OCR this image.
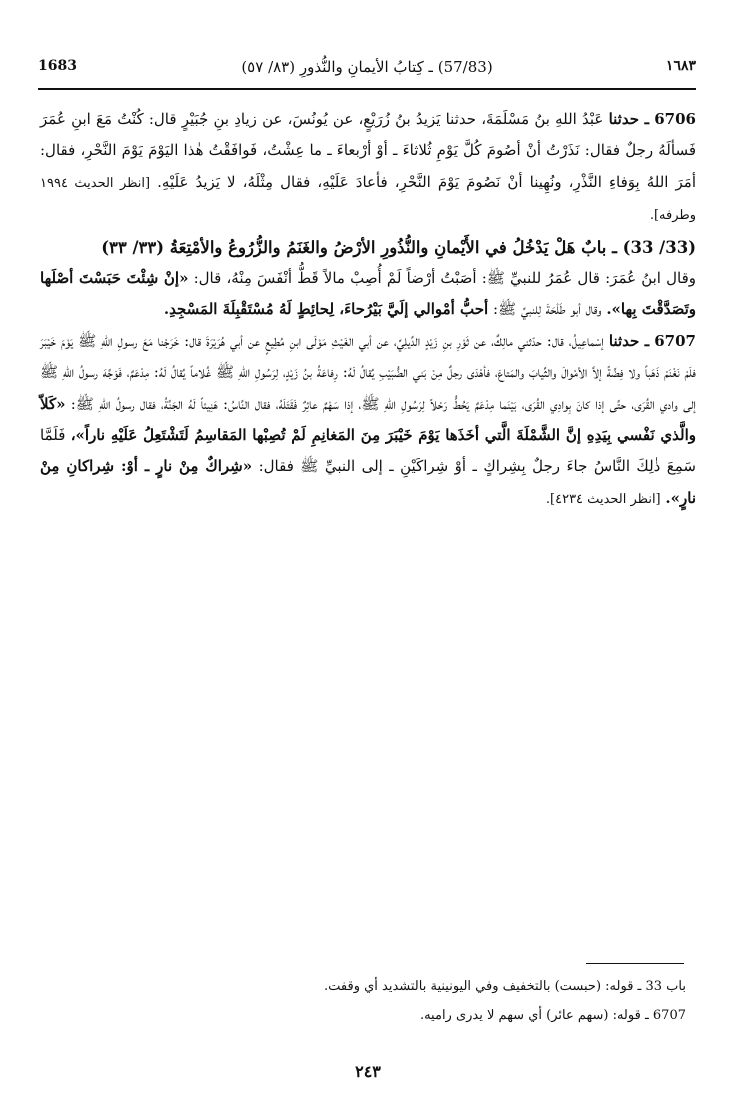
١٦٨٣
(57/83) ـ كِتابُ الأيمانِ والنُّذورِ (٨٣/ ٥٧)
1683

6706 ـ حدثنا عَبْدُ اللهِ بنُ مَسْلَمَةَ، حدثنا يَزيدُ بنُ زُرَيْعٍ، عن يُونُسَ، عن زيادِ بنِ جُبَيْرٍ قال: كُنْتُ مَعَ ابنِ عُمَرَ فَسألَهُ رجلٌ فقال: نَذَرْتُ أنْ أصُومَ كُلَّ يَوْمِ ثُلاثاءَ ـ أوْ أرْبعاءَ ـ ما عِشْتُ، فَوافَقْتُ هٰذا اليَوْمَ يَوْمَ النَّحْرِ، فقال: أمَرَ اللهُ بِوَفاءِ النَّذْرِ، ونُهِينا أنْ نَصُومَ يَوْمَ النَّحْرِ، فأعادَ عَلَيْهِ، فقال مِثْلَهُ، لا يَزيدُ عَلَيْهِ. [انظر الحديث ١٩٩٤ وطرفه].

(33/ 33) ـ بابٌ هَلْ يَدْخُلُ في الأَيْمانِ والنُّذُورِ الأرْضُ والغَنَمُ والزُّرُوعُ والأمْتِعَةُ (٣٣/ ٣٣)

وقال ابنُ عُمَرَ: قال عُمَرُ للنبيِّ ﷺ: أصَبْتُ أرْضاً لَمْ أُصِبْ مالاً قَطُّ أنْفَسَ مِنْهُ، قال: «إنْ شِئْتَ حَبَسْتَ أصْلَها وتَصَدَّقْتَ بِها». وقال أبو طَلْحَةَ لِلنبيِّ ﷺ: أحبُّ أمْوالي إلَيَّ بَيْرُحاءَ، لِحائِطٍ لَهُ مُسْتَقْبِلَةَ المَسْجِدِ.

6707 ـ حدثنا إسْماعِيلُ، قال: حدّثني مالِكٌ، عن ثَوْرِ بنِ زَيْدٍ الدِّيلِيِّ، عن أبي الغَيْثِ مَوْلَى ابنِ مُطِيعٍ عن أبي هُرَيْرَةَ قال: خَرَجْنا مَعَ رسولِ اللهِ ﷺ يَوْمَ خَيْبَرَ فلَمْ نَغْنَمْ ذَهَباً ولا فِضَّةً إلاَّ الأمْوالَ والثِّيابَ والمَتاعَ، فأهْدَى رجلٌ مِنْ بَني الضُّبَيْبِ يُقالُ لَهُ: رِفاعَةُ بنُ زَيْدٍ، لِرَسُولِ اللهِ ﷺ غُلاماً يُقالُ لَهُ: مِدْعَمٌ، فَوَجَّهَ رسولُ اللهِ ﷺ إلى وادي القُرَى، حتَّى إذا كانَ بِوادِي القُرَى، بَيْنَما مِدْعَمٌ يَحُطُّ رَحْلاً لِرَسُولِ اللهِ ﷺ، إذا سَهْمٌ عائِرٌ فَقَتَلَهُ، فقال النَّاسُ: هَنِيئاً لَهُ الجَنَّةُ، فقال رسولُ اللهِ ﷺ: «كَلاّ والَّذي نَفْسي بِيَدِهِ إنَّ الشَّمْلَةَ الَّتي أخَذَها يَوْمَ خَيْبَرَ مِنَ المَغانِمِ لَمْ تُصِبْها المَقاسِمُ لَتَشْتَعِلُ عَلَيْهِ ناراً»، فَلَمَّا سَمِعَ ذٰلِكَ النَّاسُ جاءَ رجلٌ بِشِراكٍ ـ أوْ شِراكَيْنِ ـ إلى النبيِّ ﷺ فقال: «شِراكٌ مِنْ نارٍ ـ أوْ: شِراكانِ مِنْ نارٍ». [انظر الحديث ٤٢٣٤].

باب 33 ـ قوله: (حبست) بالتخفيف وفي اليونينية بالتشديد أي وقفت.

6707 ـ قوله: (سهم عائر) أي سهم لا يدرى راميه.

٢٤٣
